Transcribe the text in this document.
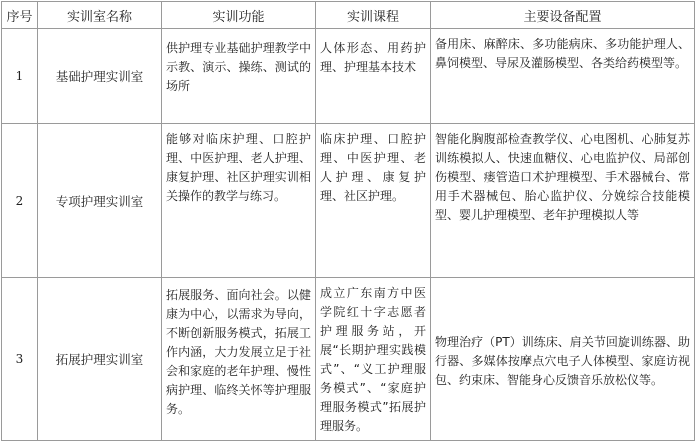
序号	实训室名称	实训功能	实训课程	主要设备配置
1	基础护理实训室	供护理专业基础护理教学中示教、演示、操练、测试的场所	人体形态、用药护理、护理基本技术	备用床、麻醉床、多功能病床、多功能护理人、鼻饲模型、导尿及灌肠模型、各类给药模型等。
2	专项护理实训室	能够对临床护理、口腔护理、中医护理、老人护理、康复护理、社区护理实训相关操作的教学与练习。	临床护理、口腔护理、中医护理、老人护理、康复护理、社区护理。	智能化胸腹部检查教学仪、心电图机、心肺复苏训练模拟人、快速血糖仪、心电监护仪、局部创伤模型、瘘管造口术护理模型、手术器械台、常用手术器械包、胎心监护仪、分娩综合技能模型、婴儿护理模型、老年护理模拟人等
3	拓展护理实训室	拓展服务、面向社会。以健康为中心，以需求为导向，不断创新服务模式，拓展工作内涵，大力发展立足于社会和家庭的老年护理、慢性病护理、临终关怀等护理服务。	成立广东南方中医学院红十字志愿者护理服务站，开展“长期护理实践模式”、“义工护理服务模式”、“家庭护理服务模式”拓展护理服务。	物理治疗（PT）训练床、肩关节回旋训练器、助行器、多媒体按摩点穴电子人体模型、家庭访视包、约束床、智能身心反馈音乐放松仪等。
